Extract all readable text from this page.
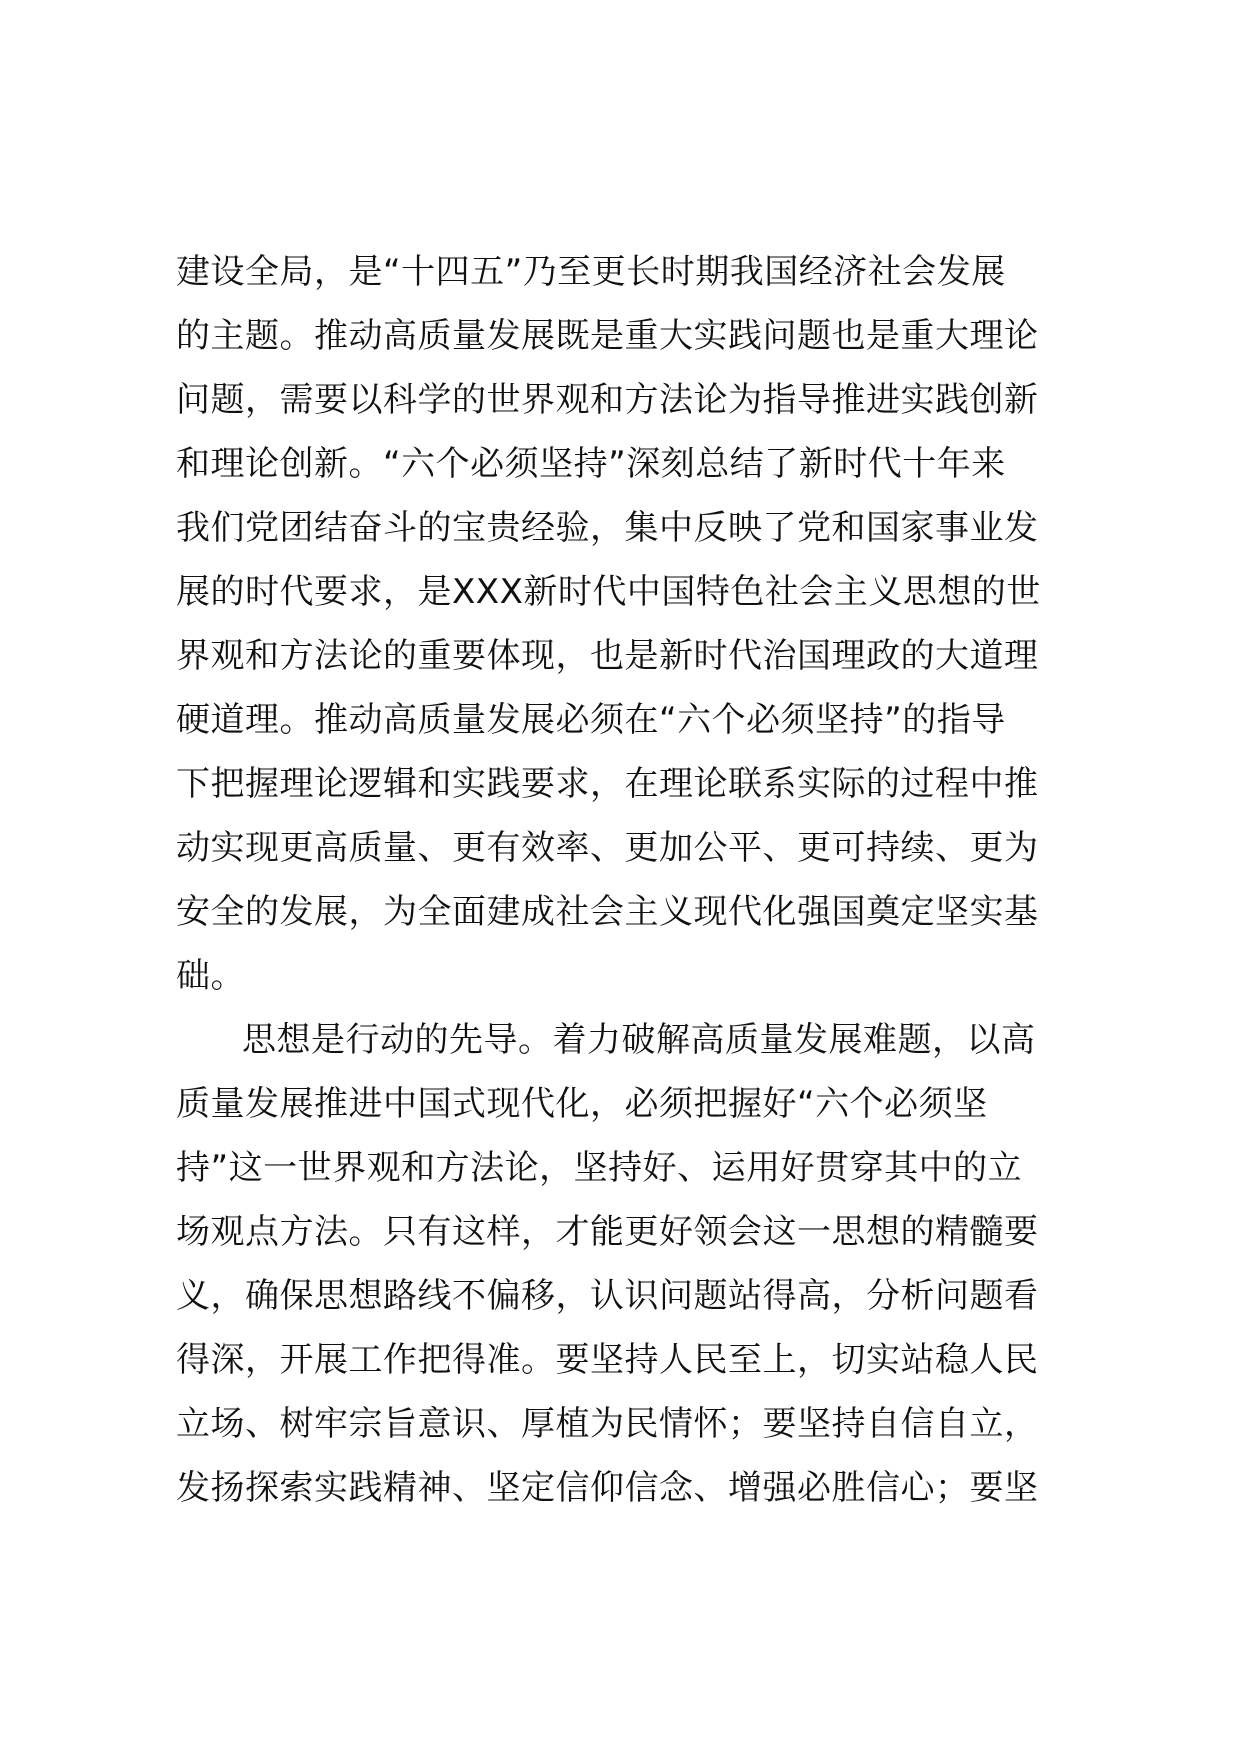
建设全局，是“十四五”乃至更长时期我国经济社会发展
的主题。推动高质量发展既是重大实践问题也是重大理论
问题，需要以科学的世界观和方法论为指导推进实践创新
和理论创新。“六个必须坚持”深刻总结了新时代十年来
我们党团结奋斗的宝贵经验，集中反映了党和国家事业发
展的时代要求，是XXX新时代中国特色社会主义思想的世
界观和方法论的重要体现，也是新时代治国理政的大道理
硬道理。推动高质量发展必须在“六个必须坚持”的指导
下把握理论逻辑和实践要求，在理论联系实际的过程中推
动实现更高质量、更有效率、更加公平、更可持续、更为
安全的发展，为全面建成社会主义现代化强国奠定坚实基
础。
思想是行动的先导。着力破解高质量发展难题，以高
质量发展推进中国式现代化，必须把握好“六个必须坚
持”这一世界观和方法论，坚持好、运用好贯穿其中的立
场观点方法。只有这样，才能更好领会这一思想的精髓要
义，确保思想路线不偏移，认识问题站得高，分析问题看
得深，开展工作把得准。要坚持人民至上，切实站稳人民
立场、树牢宗旨意识、厚植为民情怀；要坚持自信自立，
发扬探索实践精神、坚定信仰信念、增强必胜信心；要坚
